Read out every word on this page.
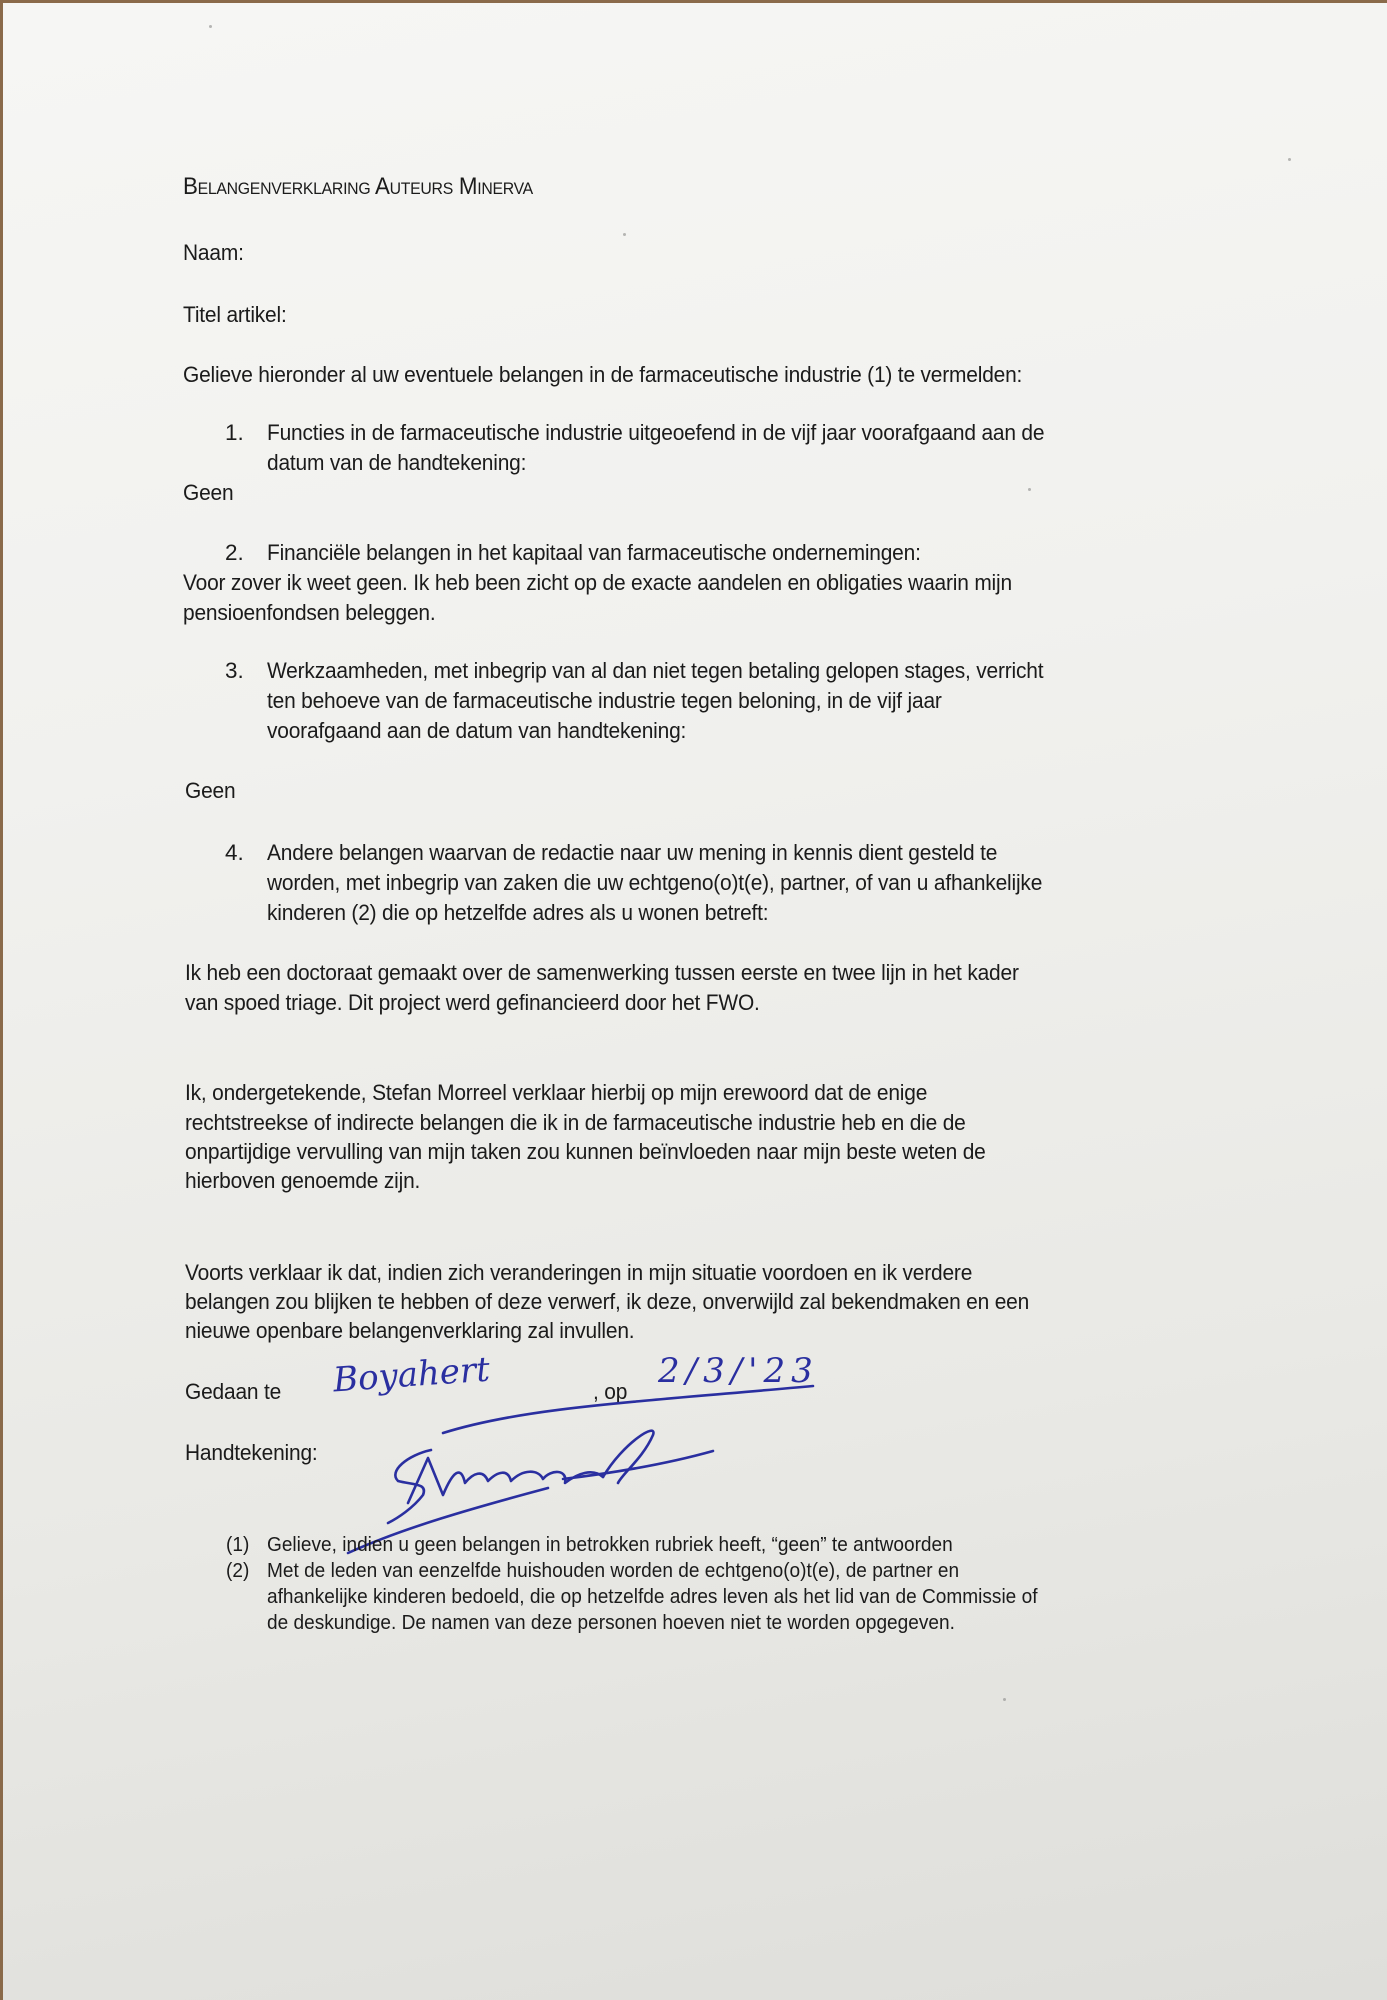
Belangenverklaring Auteurs Minerva
Naam:
Titel artikel:
Gelieve hieronder al uw eventuele belangen in de farmaceutische industrie (1) te vermelden:
1. Functies in de farmaceutische industrie uitgeoefend in de vijf jaar voorafgaand aan de
datum van de handtekening:
Geen
2. Financiële belangen in het kapitaal van farmaceutische ondernemingen:
Voor zover ik weet geen. Ik heb been zicht op de exacte aandelen en obligaties waarin mijn
pensioenfondsen beleggen.
3. Werkzaamheden, met inbegrip van al dan niet tegen betaling gelopen stages, verricht
ten behoeve van de farmaceutische industrie tegen beloning, in de vijf jaar
voorafgaand aan de datum van handtekening:
Geen
4. Andere belangen waarvan de redactie naar uw mening in kennis dient gesteld te
worden, met inbegrip van zaken die uw echtgeno(o)t(e), partner, of van u afhankelijke
kinderen (2) die op hetzelfde adres als u wonen betreft:
Ik heb een doctoraat gemaakt over de samenwerking tussen eerste en twee lijn in het kader
van spoed triage. Dit project werd gefinancieerd door het FWO.
Ik, ondergetekende, Stefan Morreel verklaar hierbij op mijn erewoord dat de enige
rechtstreekse of indirecte belangen die ik in de farmaceutische industrie heb en die de
onpartijdige vervulling van mijn taken zou kunnen beïnvloeden naar mijn beste weten de
hierboven genoemde zijn.
Voorts verklaar ik dat, indien zich veranderingen in mijn situatie voordoen en ik verdere
belangen zou blijken te hebben of deze verwerf, ik deze, onverwijld zal bekendmaken en een
nieuwe openbare belangenverklaring zal invullen.
Gedaan te Boyahert	, op
2/3/'23
Handtekening:
(1) Gelieve, indien u geen belangen in betrokken rubriek heeft, “geen” te antwoorden
(2) Met de leden van eenzelfde huishouden worden de echtgeno(o)t(e), de partner en
afhankelijke kinderen bedoeld, die op hetzelfde adres leven als het lid van de Commissie of
de deskundige. De namen van deze personen hoeven niet te worden opgegeven.
